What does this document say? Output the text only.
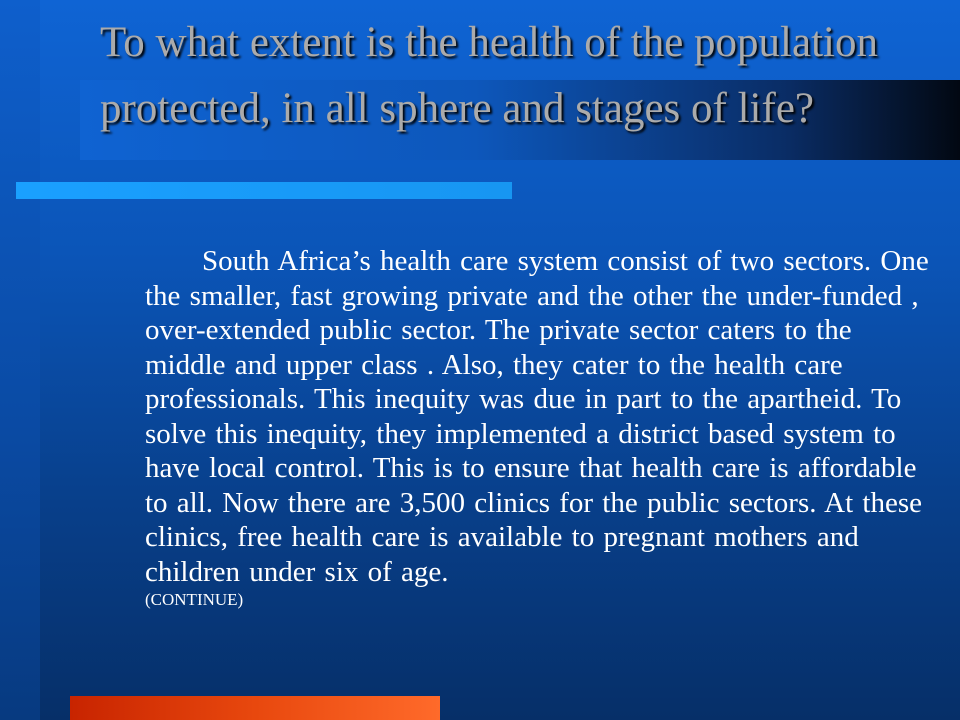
To what extent is the health of the population protected, in all sphere and stages of life?

South Africa’s health care system consist of two sectors. One the smaller, fast growing private and the other the under-funded , over-extended public sector. The private sector caters to the middle and upper class . Also, they cater to the health care professionals. This inequity was due in part to the apartheid. To solve this inequity, they implemented a district based system to have local control. This is to ensure that health care is affordable to all. Now there are 3,500 clinics for the public sectors. At these clinics, free health care is available to pregnant mothers and children under six of age.
(CONTINUE)
